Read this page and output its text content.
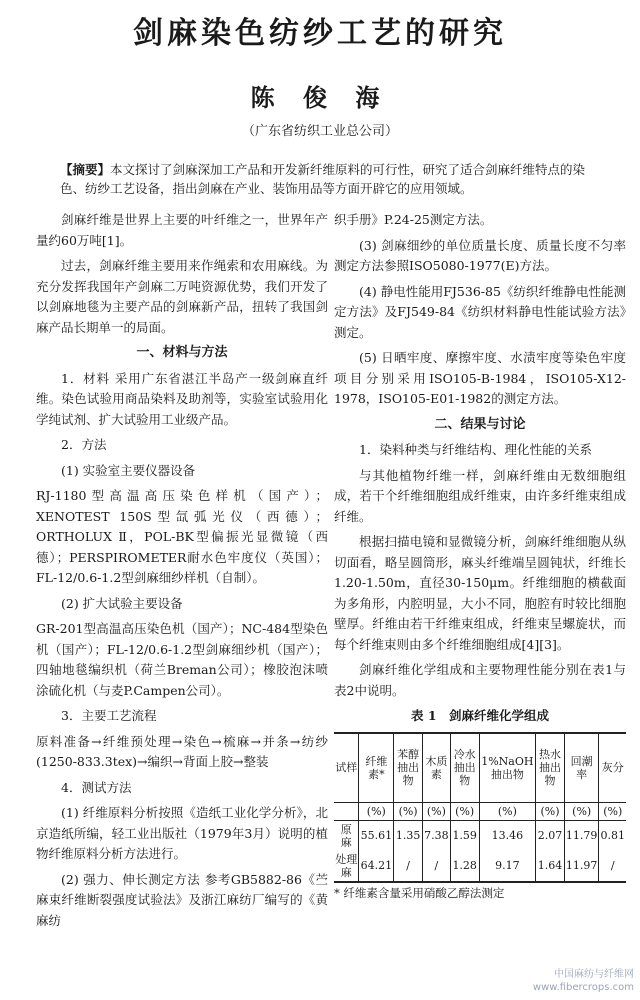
剑麻染色纺纱工艺的研究
陈 俊 海
（广东省纺织工业总公司）
【摘要】本文探讨了剑麻深加工产品和开发新纤维原料的可行性，研究了适合剑麻纤维特点的染色、纺纱工艺设备，指出剑麻在产业、装饰用品等方面开辟它的应用领域。

剑麻纤维是世界上主要的叶纤维之一，世界年产量约60万吨[1]。

过去，剑麻纤维主要用来作绳索和农用麻线。为充分发挥我国年产剑麻二万吨资源优势，我们开发了以剑麻地毯为主要产品的剑麻新产品，扭转了我国剑麻产品长期单一的局面。

一、材料与方法

1．材料 采用广东省湛江半岛产一级剑麻直纤维。染色试验用商品染料及助剂等，实验室试验用化学纯试剂、扩大试验用工业级产品。

2．方法

(1) 实验室主要仪器设备

RJ-1180型高温高压染色样机（国产）；XENOTEST 150S型氙弧光仪（西德）；ORTHOLUX Ⅱ，POL-BK型偏振光显微镜（西德）；PERSPIROMETER耐水色牢度仪（英国）；FL-12/0.6-1.2型剑麻细纱样机（自制）。

(2) 扩大试验主要设备

GR-201型高温高压染色机（国产）；NC-484型染色机（国产）；FL-12/0.6-1.2型剑麻细纱机（国产）；四轴地毯编织机（荷兰Breman公司）；橡胶泡沫喷涂硫化机（与麦P.Campen公司）。

3．主要工艺流程

原料准备→纤维预处理→染色→梳麻→并条→纺纱(1250-833.3tex)→编织→背面上胶→整装

4．测试方法

(1) 纤维原料分析按照《造纸工业化学分析》，北京造纸所编，轻工业出版社（1979年3月）说明的植物纤维原料分析方法进行。

(2) 强力、伸长测定方法 参考GB5882-86《苎麻束纤维断裂强度试验法》及浙江麻纺厂编写的《黄麻纺

织手册》P.24-25测定方法。

(3) 剑麻细纱的单位质量长度、质量长度不匀率测定方法参照ISO5080-1977(E)方法。

(4) 静电性能用FJ536-85《纺织纤维静电性能测定方法》及FJ549-84《纺织材料静电性能试验方法》测定。

(5) 日晒牢度、摩擦牢度、水渍牢度等染色牢度项目分别采用ISO105-B-1984，ISO105-X12-1978，ISO105-E01-1982的测定方法。

二、结果与讨论

1．染料种类与纤维结构、理化性能的关系

与其他植物纤维一样，剑麻纤维由无数细胞组成，若干个纤维细胞组成纤维束，由许多纤维束组成纤维。

根据扫描电镜和显微镜分析，剑麻纤维细胞从纵切面看，略呈圆筒形，麻头纤维端呈圆钝状，纤维长1.20-1.50m，直径30-150μm。纤维细胞的横截面为多角形，内腔明显，大小不同，胞腔有时较比细胞壁厚。纤维由若干纤维束组成，纤维束呈螺旋状，而每个纤维束则由多个纤维细胞组成[4][3]。

剑麻纤维化学组成和主要物理性能分别在表1与表2中说明。

表 1　剑麻纤维化学组成

试样	纤维素*	苯醇抽出物	木质素	冷水抽出物	1%NaOH抽出物	热水抽出物	回潮率	灰分
	(%)	(%)	(%)	(%)	(%)	(%)	(%)	(%)
原　麻	55.61	1.35	7.38	1.59	13.46	2.07	11.79	0.81
处理麻	64.21	/	/	1.28	9.17	1.64	11.97	/

* 纤维素含量采用硝酸乙醇法测定

中国麻纺与纤维网
www.fibercrops.com
